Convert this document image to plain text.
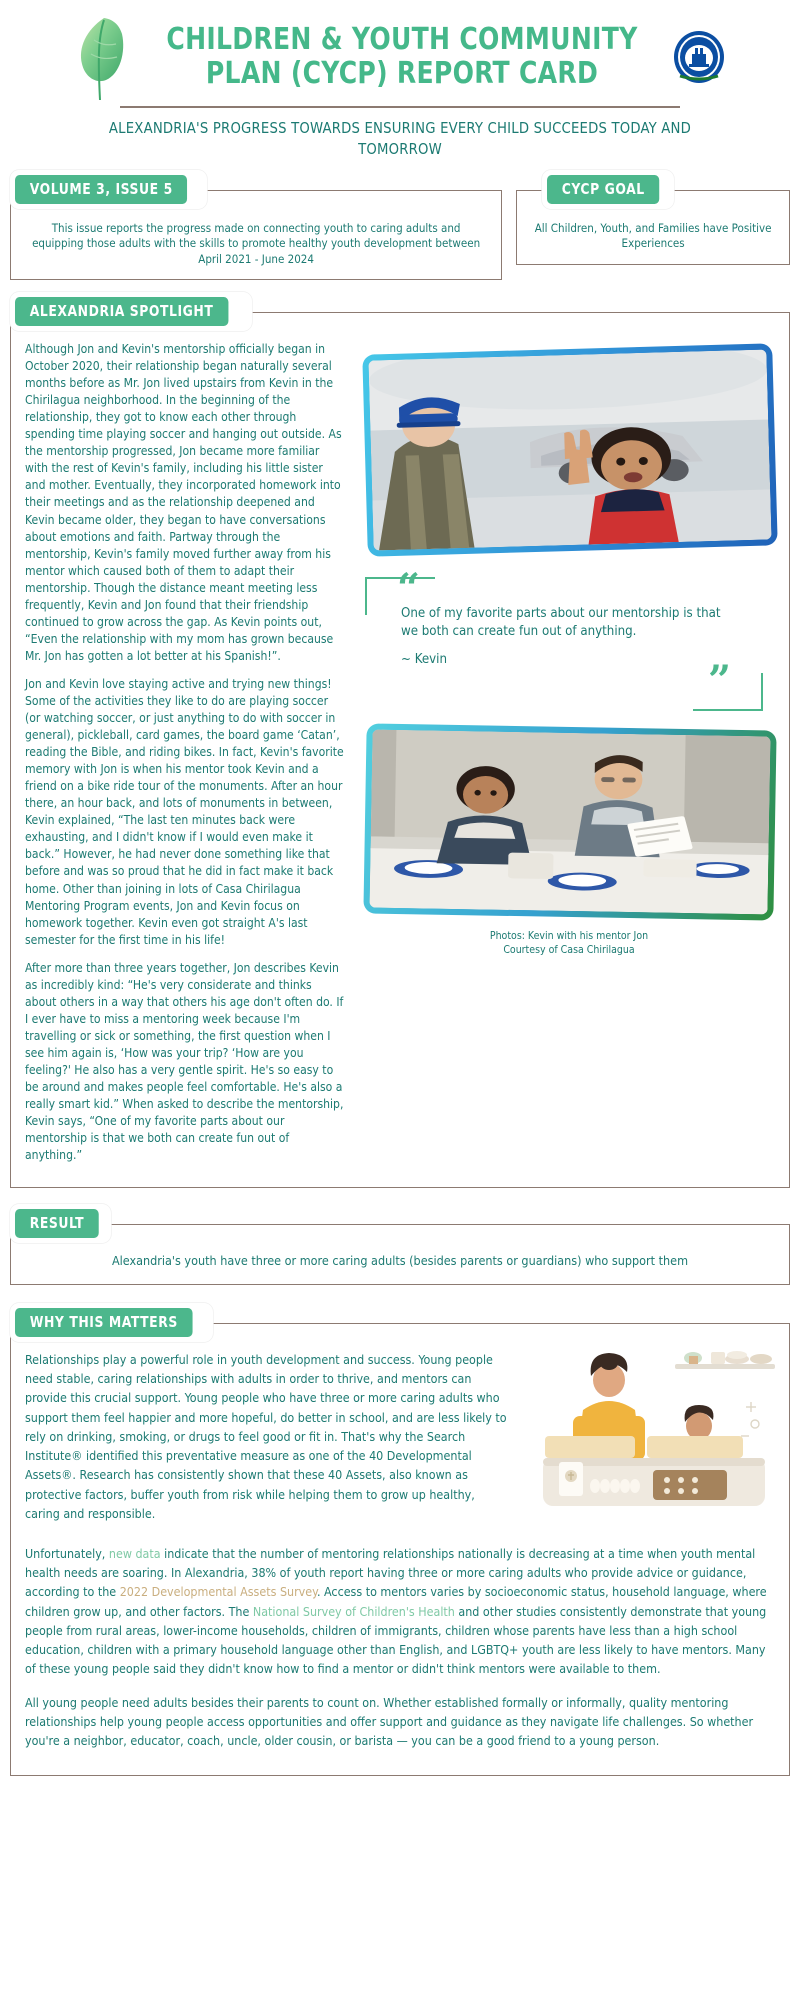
CHILDREN & YOUTH COMMUNITY PLAN (CYCP) REPORT CARD
ALEXANDRIA'S PROGRESS TOWARDS ENSURING EVERY CHILD SUCCEEDS TODAY AND TOMORROW
VOLUME 3, ISSUE 5
This issue reports the progress made on connecting youth to caring adults and equipping those adults with the skills to promote healthy youth development between April 2021 - June 2024
CYCP GOAL
All Children, Youth, and Families have Positive Experiences
ALEXANDRIA SPOTLIGHT

Although Jon and Kevin's mentorship officially began in October 2020, their relationship began naturally several months before as Mr. Jon lived upstairs from Kevin in the Chirilagua neighborhood. In the beginning of the relationship, they got to know each other through spending time playing soccer and hanging out outside. As the mentorship progressed, Jon became more familiar with the rest of Kevin's family, including his little sister and mother. Eventually, they incorporated homework into their meetings and as the relationship deepened and Kevin became older, they began to have conversations about emotions and faith. Partway through the mentorship, Kevin's family moved further away from his mentor which caused both of them to adapt their mentorship. Though the distance meant meeting less frequently, Kevin and Jon found that their friendship continued to grow across the gap. As Kevin points out, “Even the relationship with my mom has grown because Mr. Jon has gotten a lot better at his Spanish!”.

Jon and Kevin love staying active and trying new things! Some of the activities they like to do are playing soccer (or watching soccer, or just anything to do with soccer in general), pickleball, card games, the board game ‘Catan’, reading the Bible, and riding bikes. In fact, Kevin's favorite memory with Jon is when his mentor took Kevin and a friend on a bike ride tour of the monuments. After an hour there, an hour back, and lots of monuments in between, Kevin explained, “The last ten minutes back were exhausting, and I didn't know if I would even make it back.” However, he had never done something like that before and was so proud that he did in fact make it back home. Other than joining in lots of Casa Chirilagua Mentoring Program events, Jon and Kevin focus on homework together. Kevin even got straight A's last semester for the first time in his life!

After more than three years together, Jon describes Kevin as incredibly kind: “He's very considerate and thinks about others in a way that others his age don't often do. If I ever have to miss a mentoring week because I'm travelling or sick or something, the first question when I see him again is, ‘How was your trip? ‘How are you feeling?' He also has a very gentle spirit. He's so easy to be around and makes people feel comfortable. He's also a really smart kid.” When asked to describe the mentorship, Kevin says, “One of my favorite parts about our mentorship is that we both can create fun out of anything.”

“
One of my favorite parts about our mentorship is that we both can create fun out of anything.
~ Kevin	”
Photos: Kevin with his mentor Jon
Courtesy of Casa Chirilagua
RESULT
Alexandria's youth have three or more caring adults (besides parents or guardians) who support them
WHY THIS MATTERS

Relationships play a powerful role in youth development and success. Young people need stable, caring relationships with adults in order to thrive, and mentors can provide this crucial support. Young people who have three or more caring adults who support them feel happier and more hopeful, do better in school, and are less likely to rely on drinking, smoking, or drugs to feel good or fit in. That's why the Search Institute® identified this preventative measure as one of the 40 Developmental Assets®. Research has consistently shown that these 40 Assets, also known as protective factors, buffer youth from risk while helping them to grow up healthy, caring and responsible.

Unfortunately, new data indicate that the number of mentoring relationships nationally is decreasing at a time when youth mental health needs are soaring. In Alexandria, 38% of youth report having three or more caring adults who provide advice or guidance, according to the 2022 Developmental Assets Survey. Access to mentors varies by socioeconomic status, household language, where children grow up, and other factors. The National Survey of Children's Health and other studies consistently demonstrate that young people from rural areas, lower-income households, children of immigrants, children whose parents have less than a high school education, children with a primary household language other than English, and LGBTQ+ youth are less likely to have mentors. Many of these young people said they didn't know how to find a mentor or didn't think mentors were available to them.

All young people need adults besides their parents to count on. Whether established formally or informally, quality mentoring relationships help young people access opportunities and offer support and guidance as they navigate life challenges. So whether you're a neighbor, educator, coach, uncle, older cousin, or barista — you can be a good friend to a young person.
